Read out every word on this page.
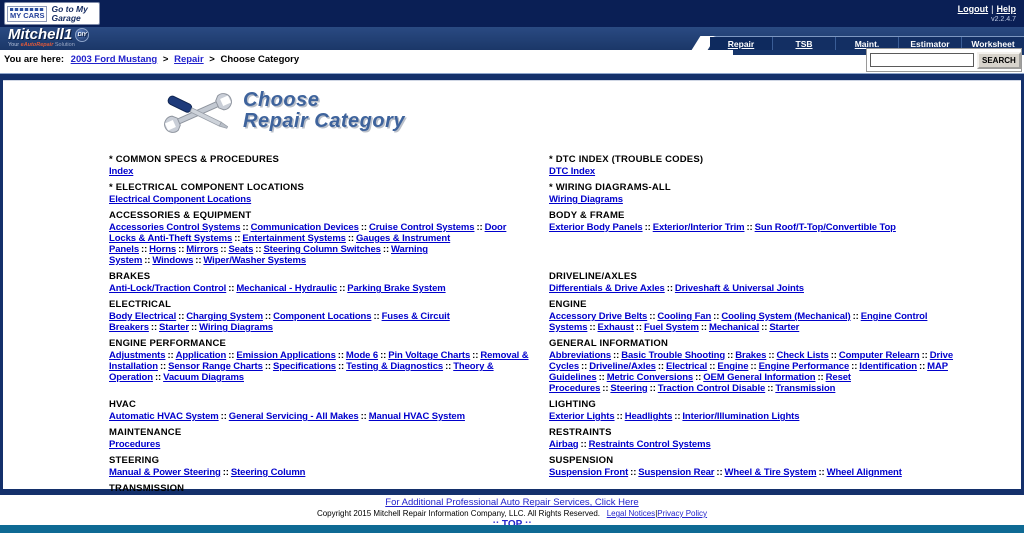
MY CARS
Go to My Garage
Logout | Help
v2.2.4.7
Mitchell1 DIY
Your eAutoRepair Solution	Repair	TSB	Maint.	Estimator	Worksheet
You are here: 2003 Ford Mustang > Repair > Choose Category	SEARCH
Choose
Repair Category
* COMMON SPECS & PROCEDURES
Index
* DTC INDEX (TROUBLE CODES)
DTC Index
* ELECTRICAL COMPONENT LOCATIONS
Electrical Component Locations
* WIRING DIAGRAMS-ALL
Wiring Diagrams
ACCESSORIES & EQUIPMENT
Accessories Control Systems :: Communication Devices :: Cruise Control Systems :: Door Locks & Anti-Theft Systems :: Entertainment Systems :: Gauges & Instrument Panels :: Horns :: Mirrors :: Seats :: Steering Column Switches :: Warning System :: Windows :: Wiper/Washer Systems
BODY & FRAME
Exterior Body Panels :: Exterior/Interior Trim :: Sun Roof/T-Top/Convertible Top
BRAKES
Anti-Lock/Traction Control :: Mechanical - Hydraulic :: Parking Brake System
DRIVELINE/AXLES
Differentials & Drive Axles :: Driveshaft & Universal Joints
ELECTRICAL
Body Electrical :: Charging System :: Component Locations :: Fuses & Circuit Breakers :: Starter :: Wiring Diagrams
ENGINE
Accessory Drive Belts :: Cooling Fan :: Cooling System (Mechanical) :: Engine Control Systems :: Exhaust :: Fuel System :: Mechanical :: Starter
ENGINE PERFORMANCE
Adjustments :: Application :: Emission Applications :: Mode 6 :: Pin Voltage Charts :: Removal & Installation :: Sensor Range Charts :: Specifications :: Testing & Diagnostics :: Theory & Operation :: Vacuum Diagrams
GENERAL INFORMATION
Abbreviations :: Basic Trouble Shooting :: Brakes :: Check Lists :: Computer Relearn :: Drive Cycles :: Driveline/Axles :: Electrical :: Engine :: Engine Performance :: Identification :: MAP Guidelines :: Metric Conversions :: OEM General Information :: Reset Procedures :: Steering :: Traction Control Disable :: Transmission
HVAC
Automatic HVAC System :: General Servicing - All Makes :: Manual HVAC System
LIGHTING
Exterior Lights :: Headlights :: Interior/Illumination Lights
MAINTENANCE
Procedures
RESTRAINTS
Airbag :: Restraints Control Systems
STEERING
Manual & Power Steering :: Steering Column
SUSPENSION
Suspension Front :: Suspension Rear :: Wheel & Tire System :: Wheel Alignment
TRANSMISSION
For Additional Professional Auto Repair Services, Click Here
Copyright 2015 Mitchell Repair Information Company, LLC. All Rights Reserved. Legal Notices|Privacy Policy
